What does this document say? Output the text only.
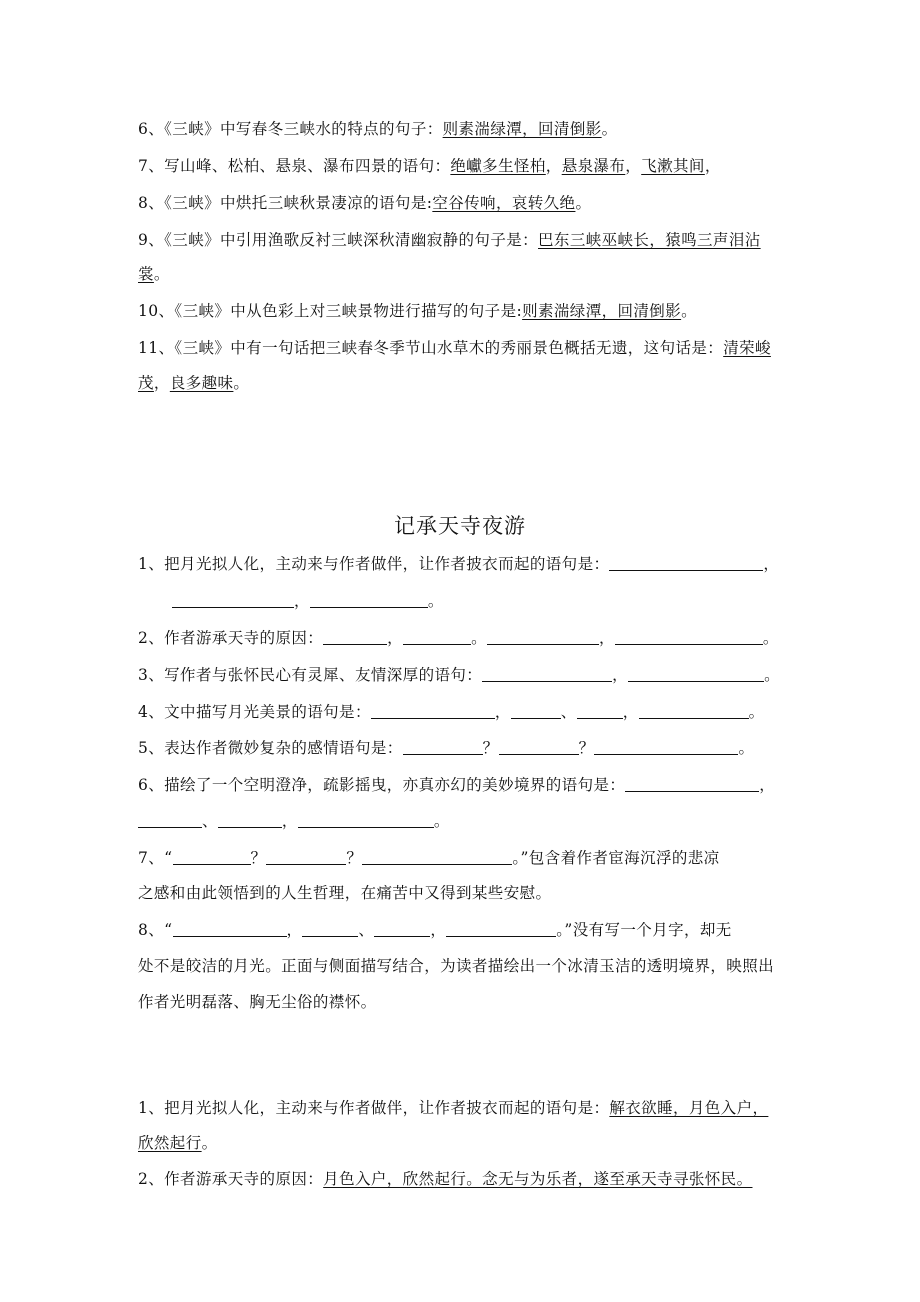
6、《三峡》中写春冬三峡水的特点的句子：则素湍绿潭，回清倒影。
7、写山峰、松柏、悬泉、瀑布四景的语句：绝巘多生怪柏，悬泉瀑布，飞漱其间，
8、《三峡》中烘托三峡秋景凄凉的语句是:空谷传响，哀转久绝。
9、《三峡》中引用渔歌反衬三峡深秋清幽寂静的句子是：巴东三峡巫峡长，猿鸣三声泪沾
裳。
10、《三峡》中从色彩上对三峡景物进行描写的句子是:则素湍绿潭，回清倒影。
11、《三峡》中有一句话把三峡春冬季节山水草木的秀丽景色概括无遗，这句话是：清荣峻
茂，良多趣味。
记承天寺夜游
1、把月光拟人化，主动来与作者做伴，让作者披衣而起的语句是：	，
，	。
2、作者游承天寺的原因：	，	。	，	。
3、写作者与张怀民心有灵犀、友情深厚的语句：	，	。
4、文中描写月光美景的语句是：	，	、	，	。
5、表达作者微妙复杂的感情语句是：	？	？	。
6、描绘了一个空明澄净，疏影摇曳，亦真亦幻的美妙境界的语句是：	，
、	，	。
7、“	？	？	。”包含着作者宦海沉浮的悲凉
之感和由此领悟到的人生哲理，在痛苦中又得到某些安慰。
8、“	，	、	，	。”没有写一个月字，却无
处不是皎洁的月光。正面与侧面描写结合，为读者描绘出一个冰清玉洁的透明境界，映照出
作者光明磊落、胸无尘俗的襟怀。
1、把月光拟人化，主动来与作者做伴，让作者披衣而起的语句是：解衣欲睡，月色入户，
欣然起行。
2、作者游承天寺的原因：月色入户，欣然起行。念无与为乐者，遂至承天寺寻张怀民。
